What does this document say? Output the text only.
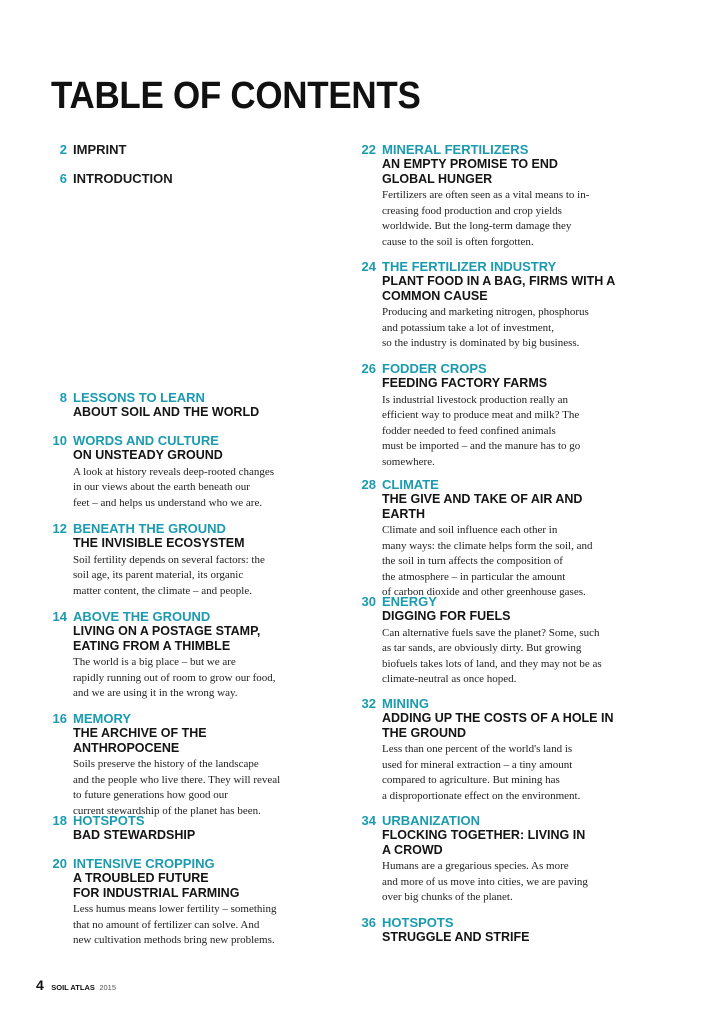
TABLE OF CONTENTS
2 IMPRINT
6 INTRODUCTION
8 LESSONS TO LEARN
ABOUT SOIL AND THE WORLD
10 WORDS AND CULTURE
ON UNSTEADY GROUND
A look at history reveals deep-rooted changes
in our views about the earth beneath our
feet – and helps us understand who we are.
12 BENEATH THE GROUND
THE INVISIBLE ECOSYSTEM
Soil fertility depends on several factors: the
soil age, its parent material, its organic
matter content, the climate – and people.
14 ABOVE THE GROUND
LIVING ON A POSTAGE STAMP,
EATING FROM A THIMBLE
The world is a big place – but we are
rapidly running out of room to grow our food,
and we are using it in the wrong way.
16 MEMORY
THE ARCHIVE OF THE ANTHROPOCENE
Soils preserve the history of the landscape
and the people who live there. They will reveal
to future generations how good our
current stewardship of the planet has been.
18 HOTSPOTS
BAD STEWARDSHIP
20 INTENSIVE CROPPING
A TROUBLED FUTURE
FOR INDUSTRIAL FARMING
Less humus means lower fertility – something
that no amount of fertilizer can solve. And
new cultivation methods bring new problems.
22 MINERAL FERTILIZERS
AN EMPTY PROMISE TO END
GLOBAL HUNGER
Fertilizers are often seen as a vital means to in-
creasing food production and crop yields
worldwide. But the long-term damage they
cause to the soil is often forgotten.
24 THE FERTILIZER INDUSTRY
PLANT FOOD IN A BAG, FIRMS WITH A
COMMON CAUSE
Producing and marketing nitrogen, phosphorus
and potassium take a lot of investment,
so the industry is dominated by big business.
26 FODDER CROPS
FEEDING FACTORY FARMS
Is industrial livestock production really an
efficient way to produce meat and milk? The
fodder needed to feed confined animals
must be imported – and the manure has to go
somewhere.
28 CLIMATE
THE GIVE AND TAKE OF AIR AND EARTH
Climate and soil influence each other in
many ways: the climate helps form the soil, and
the soil in turn affects the composition of
the atmosphere – in particular the amount
of carbon dioxide and other greenhouse gases.
30 ENERGY
DIGGING FOR FUELS
Can alternative fuels save the planet? Some, such
as tar sands, are obviously dirty. But growing
biofuels takes lots of land, and they may not be as
climate-neutral as once hoped.
32 MINING
ADDING UP THE COSTS OF A HOLE IN
THE GROUND
Less than one percent of the world's land is
used for mineral extraction – a tiny amount
compared to agriculture. But mining has
a disproportionate effect on the environment.
34 URBANIZATION
FLOCKING TOGETHER: LIVING IN
A CROWD
Humans are a gregarious species. As more
and more of us move into cities, we are paving
over big chunks of the planet.
36 HOTSPOTS
STRUGGLE AND STRIFE
4 SOIL ATLAS 2015
